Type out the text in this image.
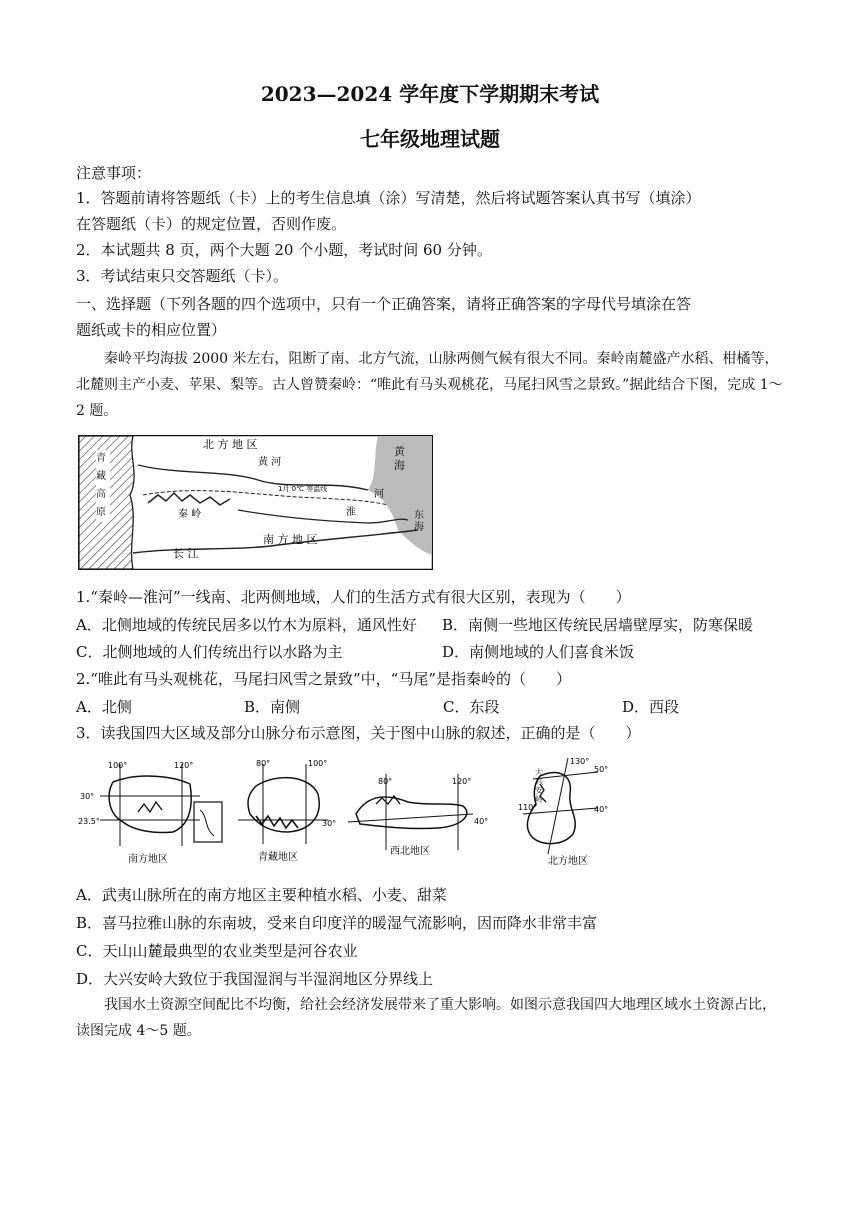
2023—2024 学年度下学期期末考试
七年级地理试题
注意事项：
1．答题前请将答题纸（卡）上的考生信息填（涂）写清楚，然后将试题答案认真书写（填涂）
在答题纸（卡）的规定位置，否则作废。
2．本试题共 8 页，两个大题 20 个小题，考试时间 60 分钟。
3．考试结束只交答题纸（卡）。
一、选择题（下列各题的四个选项中，只有一个正确答案，请将正确答案的字母代号填涂在答
题纸或卡的相应位置）
秦岭平均海拔 2000 米左右，阻断了南、北方气流，山脉两侧气候有很大不同。秦岭南麓盛产水稻、柑橘等，北麓则主产小麦、苹果、梨等。古人曾赞秦岭：“唯此有马头观桃花，马尾扫风雪之景致。”据此结合下图，完成 1～2 题。
北 方 地 区
黄 河
1月 0℃ 等温线
秦 岭	淮
河
南 方 地 区
长 江
黄 海
东 海
青 藏 高 原
1.“秦岭—淮河”一线南、北两侧地域，人们的生活方式有很大区别，表现为（　　）
A．北侧地域的传统民居多以竹木为原料，通风性好 B．南侧一些地区传统民居墙壁厚实，防寒保暖
C．北侧地域的人们传统出行以水路为主	D．南侧地域的人们喜食米饭
2.“唯此有马头观桃花，马尾扫风雪之景致”中，“马尾”是指秦岭的（　　）
A．北侧	B．南侧	C．东段	D．西段
3．读我国四大区域及部分山脉分布示意图，关于图中山脉的叙述，正确的是（　　）
100°	120°
30°
23.5°
南方地区
80°	100°
30°
青藏地区
80°	120°
40°
西北地区
130°
110°
50°
40°
北方地区
大兴安岭
A．武夷山脉所在的南方地区主要种植水稻、小麦、甜菜
B．喜马拉雅山脉的东南坡，受来自印度洋的暖湿气流影响，因而降水非常丰富
C．天山山麓最典型的农业类型是河谷农业
D．大兴安岭大致位于我国湿润与半湿润地区分界线上
我国水土资源空间配比不均衡，给社会经济发展带来了重大影响。如图示意我国四大地理区域水土资源占比，读图完成 4～5 题。
